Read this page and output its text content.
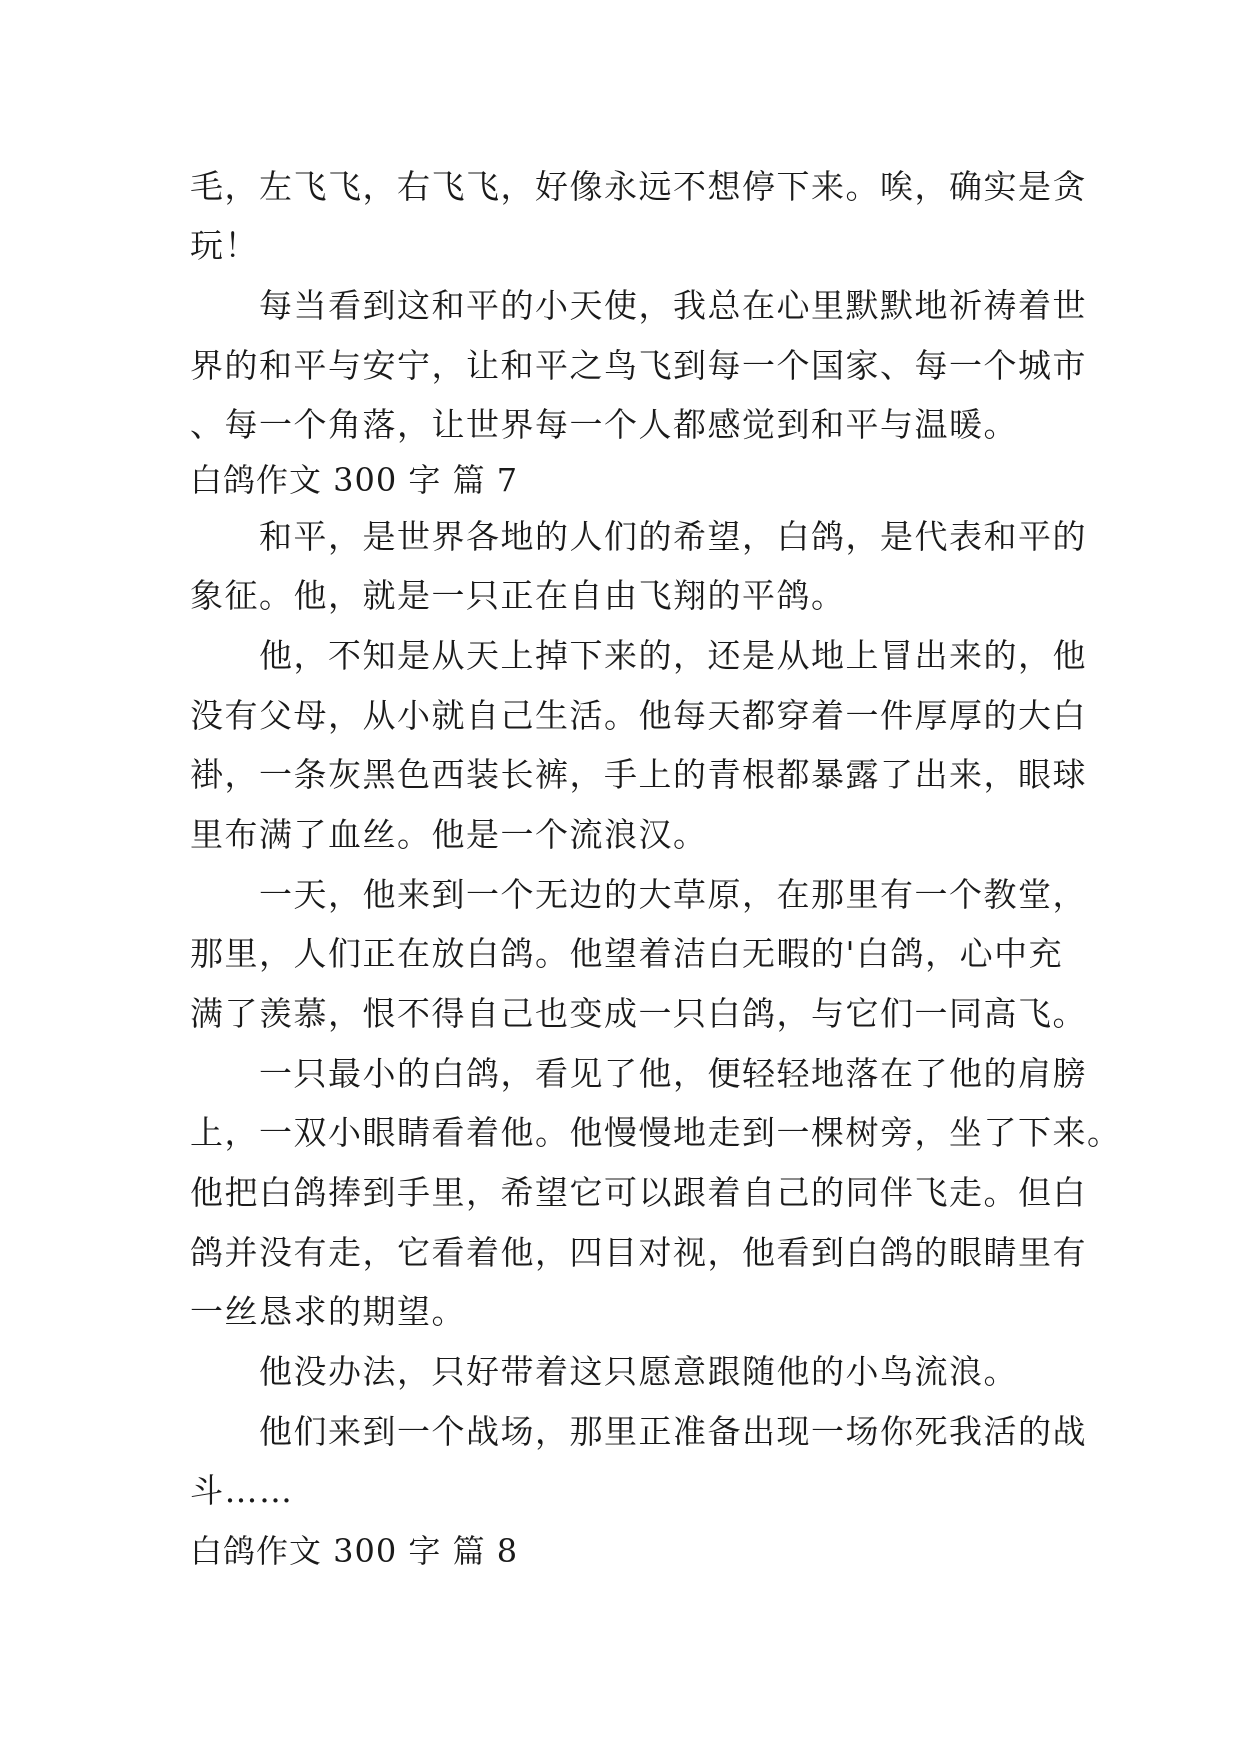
毛，左飞飞，右飞飞，好像永远不想停下来。唉，确实是贪
玩！
　　每当看到这和平的小天使，我总在心里默默地祈祷着世
界的和平与安宁，让和平之鸟飞到每一个国家、每一个城市
、每一个角落，让世界每一个人都感觉到和平与温暖。
白鸽作文 300 字 篇 7
　　和平，是世界各地的人们的希望，白鸽，是代表和平的
象征。他，就是一只正在自由飞翔的平鸽。
　　他，不知是从天上掉下来的，还是从地上冒出来的，他
没有父母，从小就自己生活。他每天都穿着一件厚厚的大白
褂，一条灰黑色西装长裤，手上的青根都暴露了出来，眼球
里布满了血丝。他是一个流浪汉。
　　一天，他来到一个无边的大草原，在那里有一个教堂，
那里，人们正在放白鸽。他望着洁白无暇的'白鸽，心中充
满了羡慕，恨不得自己也变成一只白鸽，与它们一同高飞。
　　一只最小的白鸽，看见了他，便轻轻地落在了他的肩膀
上，一双小眼睛看着他。他慢慢地走到一棵树旁，坐了下来。
他把白鸽捧到手里，希望它可以跟着自己的同伴飞走。但白
鸽并没有走，它看着他，四目对视，他看到白鸽的眼睛里有
一丝恳求的期望。
　　他没办法，只好带着这只愿意跟随他的小鸟流浪。
　　他们来到一个战场，那里正准备出现一场你死我活的战
斗……
白鸽作文 300 字 篇 8
